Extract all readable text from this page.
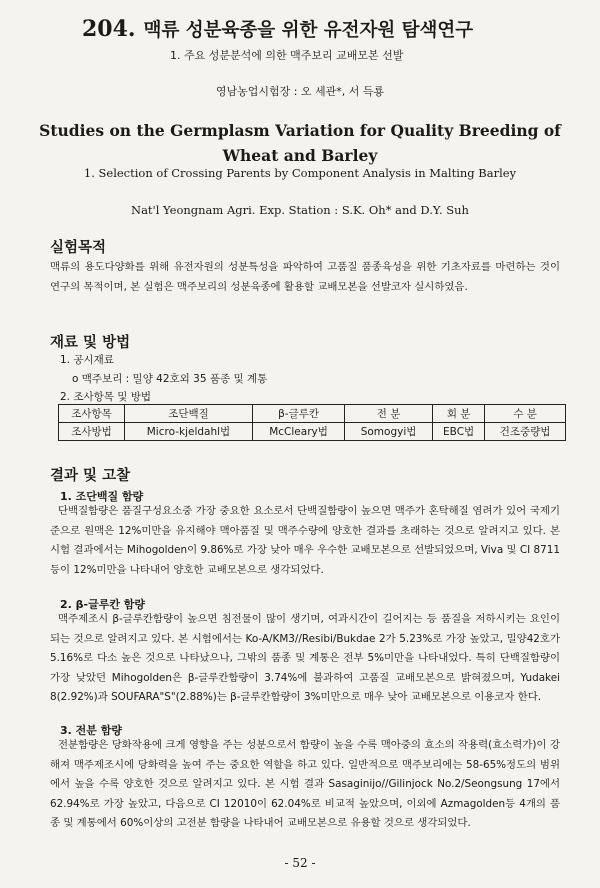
204. 맥류 성분육종을 위한 유전자원 탐색연구
1. 주요 성분분석에 의한 맥주보리 교배모본 선발
영남농업시험장 : 오 세관*, 서 득룡
Studies on the Germplasm Variation for Quality Breeding of
Wheat and Barley
1. Selection of Crossing Parents by Component Analysis in Malting Barley
Nat'l Yeongnam Agri. Exp. Station : S.K. Oh* and D.Y. Suh
실험목적
맥류의 용도다양화를 위해 유전자원의 성분특성을 파악하여 고품질 품종육성을 위한 기초자료를 마련하는 것이 연구의 목적이며, 본 실험은 맥주보리의 성분육종에 활용할 교배모본을 선발코자 실시하였음.
재료 및 방법
1. 공시재료
o 맥주보리 : 밀양 42호외 35 품종 및 계통
2. 조사항목 및 방법
조사항목	조단백질	β-글루칸	전 분	회 분	수 분
조사방법	Micro-kjeldahl법	McCleary법	Somogyi법	EBC법	건조중량법
결과 및 고찰
1. 조단백질 함량
단백질함량은 품질구성요소중 가장 중요한 요소로서 단백질함량이 높으면 맥주가 혼탁해질 염려가 있어 국제기준으로 원맥은 12%미만을 유지해야 맥아품질 및 맥주수량에 양호한 결과를 초래하는 것으로 알려지고 있다. 본 시험 결과에서는 Mihogolden이 9.86%로 가장 낮아 매우 우수한 교배모본으로 선발되었으며, Viva 및 CI 8711등이 12%미만을 나타내어 양호한 교배모본으로 생각되었다.
2. β-글루칸 함량
맥주제조시 β-글루칸함량이 높으면 침전물이 많이 생기며, 여과시간이 길어지는 등 품질을 저하시키는 요인이 되는 것으로 알려지고 있다. 본 시험에서는 Ko-A/KM3//Resibi/Bukdae 2가 5.23%로 가장 높았고, 밀양42호가 5.16%로 다소 높은 것으로 나타났으나, 그밖의 품종 및 계통은 전부 5%미만을 나타내었다. 특히 단백질함량이 가장 낮았던 Mihogolden은 β-글루칸함량이 3.74%에 불과하여 고품질 교배모본으로 밝혀졌으며, Yudakei 8(2.92%)과 SOUFARA"S"(2.88%)는 β-글루칸함량이 3%미만으로 매우 낮아 교배모본으로 이용코자 한다.
3. 전분 함량
전분함량은 당화작용에 크게 영향을 주는 성분으로서 함량이 높을 수록 맥아중의 효소의 작용력(효소력가)이 강해져 맥주제조시에 당화력을 높여 주는 중요한 역할을 하고 있다. 일반적으로 맥주보리에는 58-65%정도의 범위에서 높을 수록 양호한 것으로 알려지고 있다. 본 시험 결과 Sasaginijo//Gilinjock No.2/Seongsung 17에서 62.94%로 가장 높았고, 다음으로 CI 12010이 62.04%로 비교적 높았으며, 이외에 Azmagolden등 4개의 품종 및 계통에서 60%이상의 고전분 함량을 나타내어 교배모본으로 유용할 것으로 생각되었다.
- 52 -
